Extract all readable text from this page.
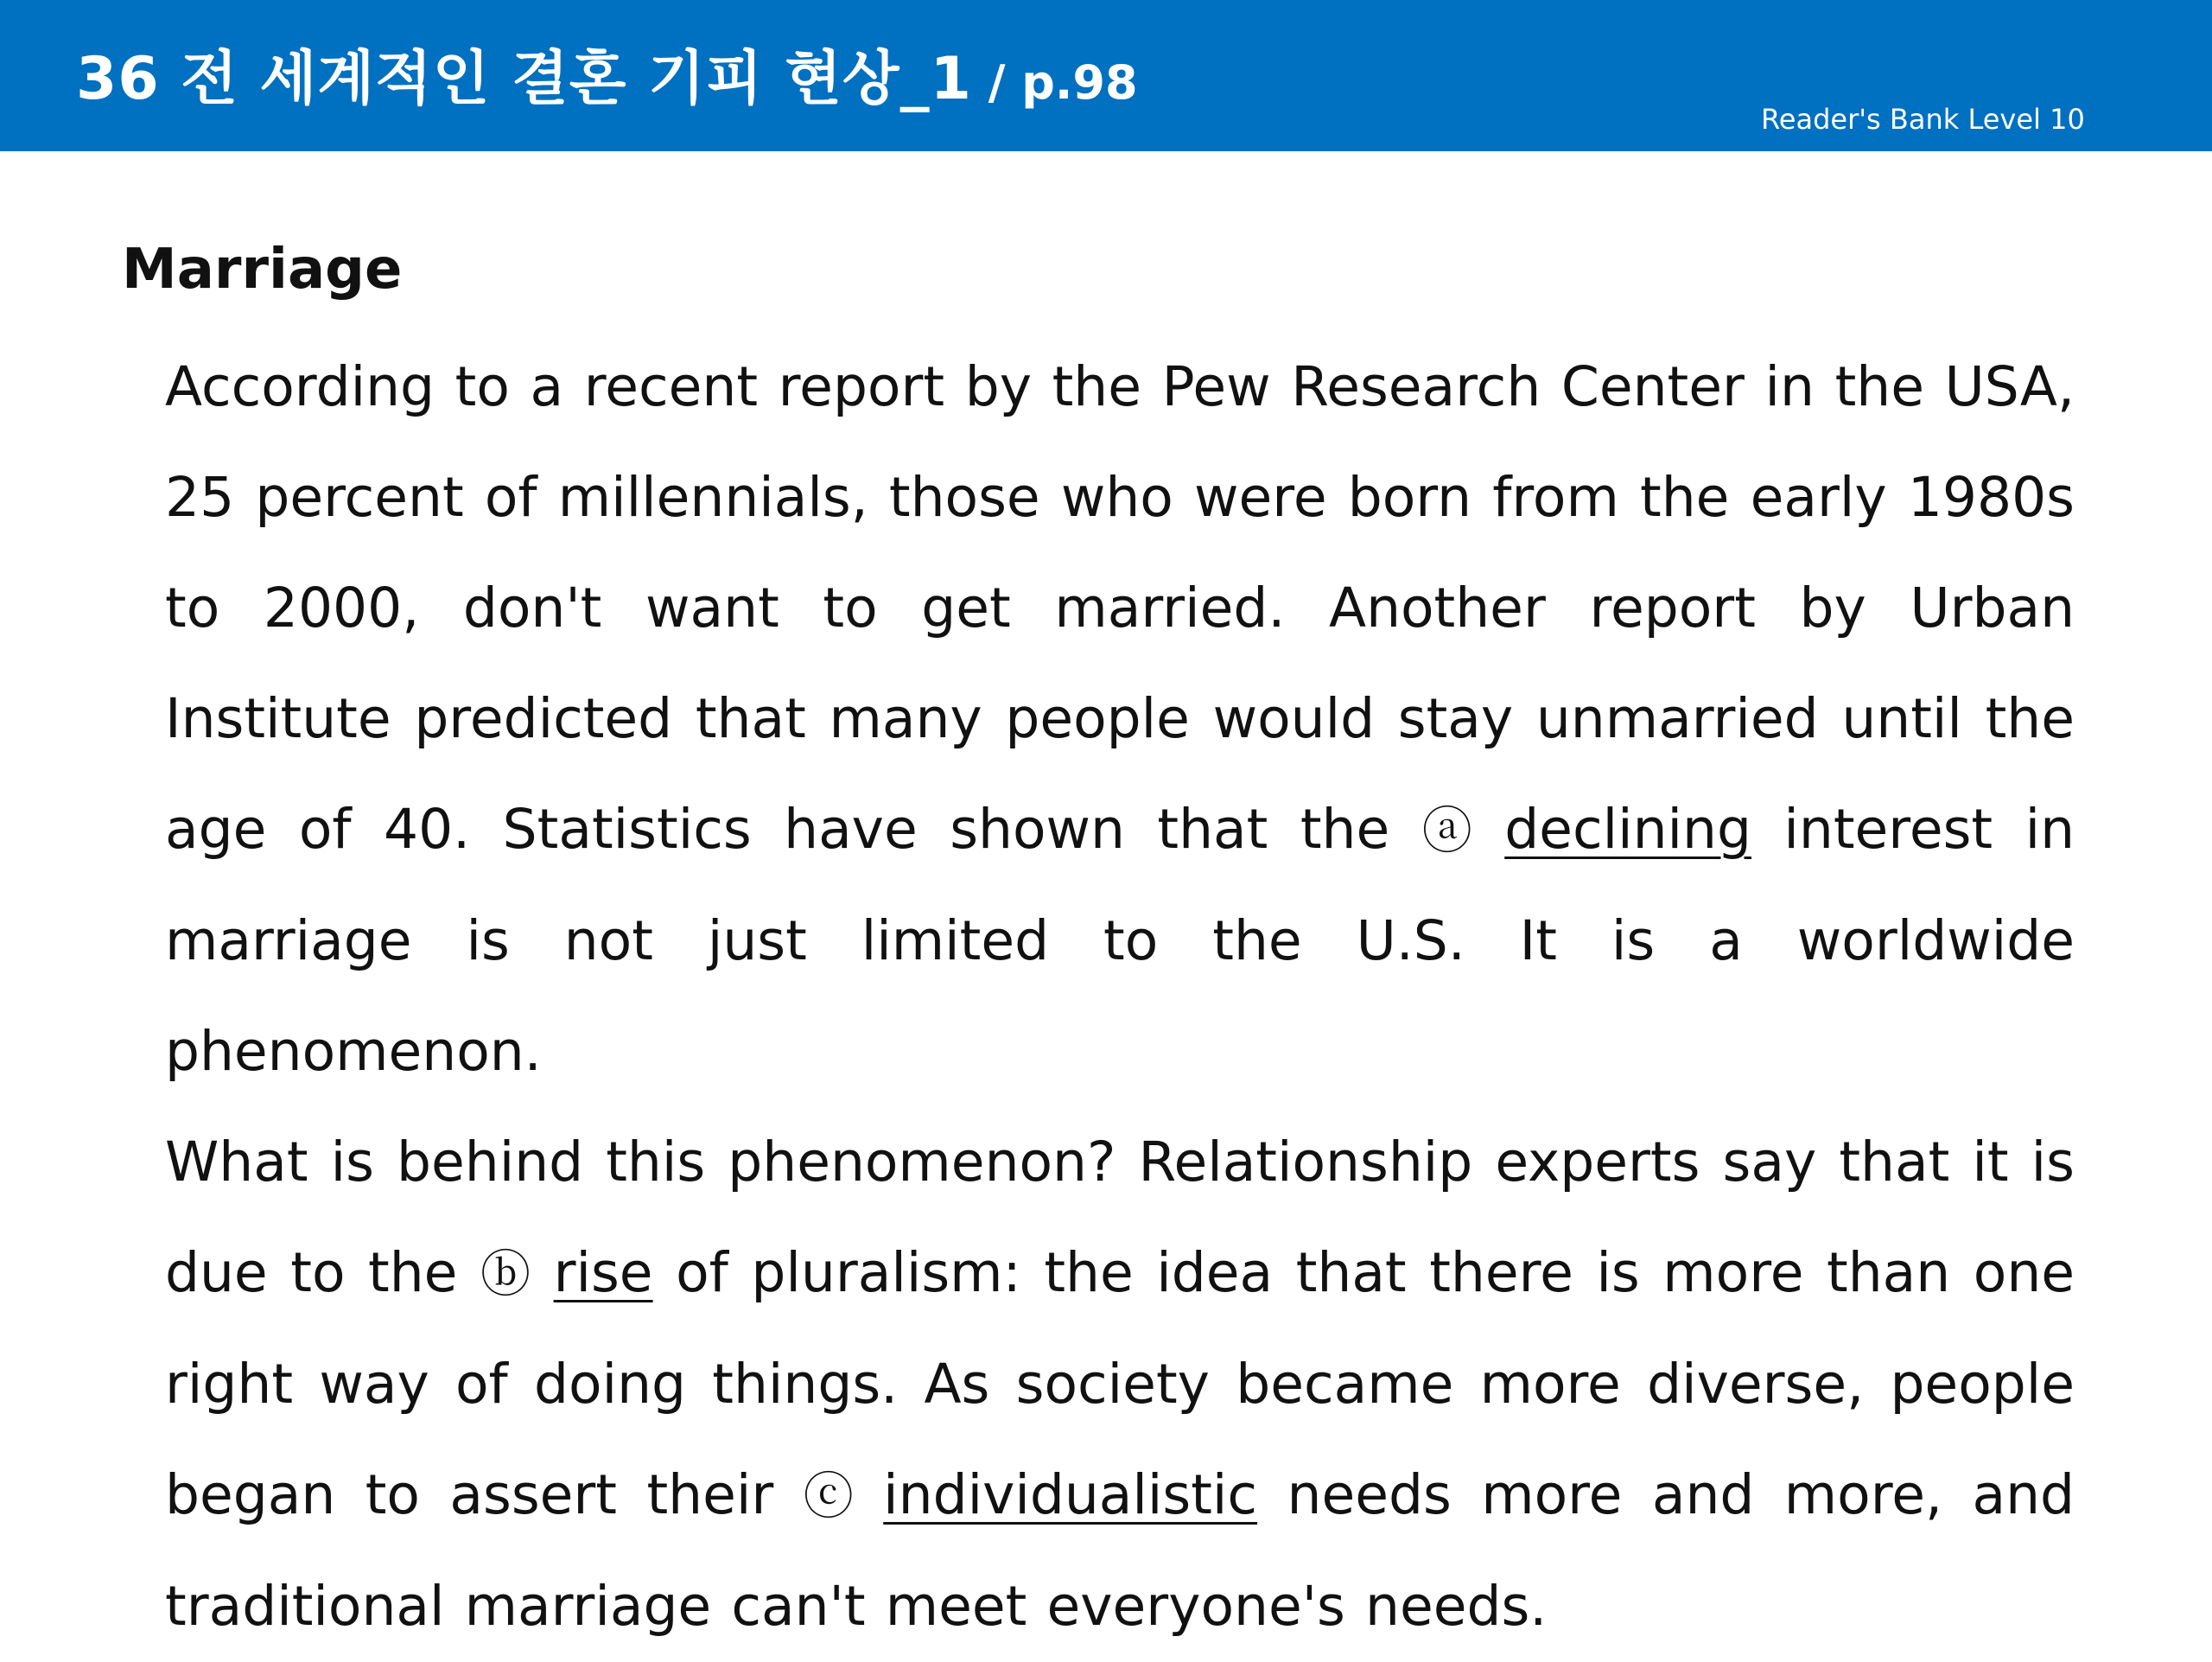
36 전 세계적인 결혼 기피 현상_1 / p.98
Reader's Bank Level 10
Marriage

According to a recent report by the Pew Research Center in the USA, 25 percent of millennials, those who were born from the early 1980s to 2000, don't want to get married. Another report by Urban Institute predicted that many people would stay unmarried until the age of 40. Statistics have shown that the ⓐ declining interest in marriage is not just limited to the U.S. It is a worldwide phenomenon.

What is behind this phenomenon? Relationship experts say that it is due to the ⓑ rise of pluralism: the idea that there is more than one right way of doing things. As society became more diverse, people began to assert their ⓒ individualistic needs more and more, and traditional marriage can't meet everyone's needs.
